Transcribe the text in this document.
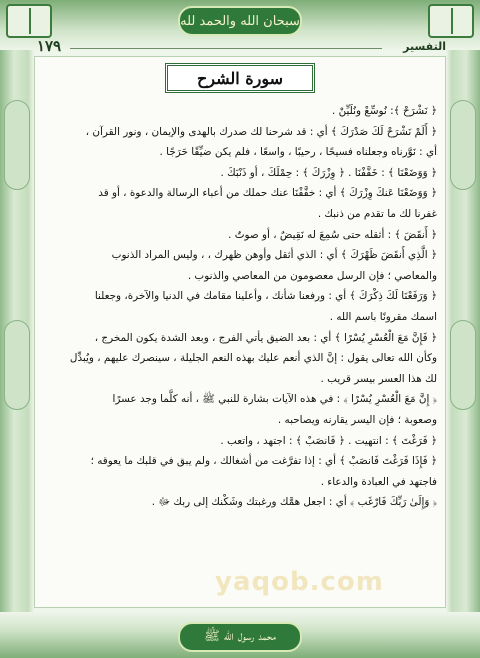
سبحان الله والحمد لله
١٧٩	التفسير
سورة الشرح
﴿ نَشْرَحْ ﴾: نُوسِّعْ ونُلَيِّنْ .
﴿ أَلَمْ نَشْرَحْ لَكَ صَدْرَكَ ﴾ أي : قد شرحنا لك صدرك بالهدى والإيمان ، ونور القرآن ،
أي : نَوَّرناه وجعلناه فسيحًا ، رحيبًا ، واسعًا ، فلم يكن ضيِّقًا حَرَجًا .
﴿ وَوَضَعْنَا ﴾ : خَفَّفْنَا . ﴿ وِزْرَكَ ﴾ : حِمْلَكَ ، أو ذَنْبَكَ .
﴿ وَوَضَعْنَا عَنكَ وِزْرَكَ ﴾ أي : خفَّفْنَا عنك حملك من أعباء الرسالة والدعوة ، أو قد
غفرنا لك ما تقدم من ذنبك .
﴿ أَنقَضَ ﴾ : أثقله حتى سُمِعَ له نَقِيضٌ ، أو صوتٌ .
﴿ الَّذِي أَنقَضَ ظَهْرَكَ ﴾ أي : الذي أثقل وأوهن ظهرك ، ، وليس المراد الذنوب
والمعاصي ؛ فإن الرسل معصومون من المعاصي والذنوب .
﴿ وَرَفَعْنَا لَكَ ذِكْرَكَ ﴾ أي : ورفعنا شأنك ، وأعلينا مقامك في الدنيا والآخرة، وجعلنا
اسمك مقرونًا باسم الله .
﴿ فَإِنَّ مَعَ الْعُسْرِ يُسْرًا ﴾ أي : بعد الضيق يأتي الفرج ، وبعد الشدة يكون المخرج ،
وكأن الله تعالى يقول : إنَّ الذي أنعم عليك بهذه النعم الجليلة ، سينصرك عليهم ، ويُبدِّل
لك هذا العسر بيسر قريب .
﴿ إِنَّ مَعَ الْعُسْرِ يُسْرًا ﴾ : في هذه الآيات بشارة للنبي ﷺ ، أنه كلَّما وجد عسرًا
وصعوبة ؛ فإن اليسر يقارنه ويصاحبه .
﴿ فَرَغْتَ ﴾ : انتهيت . ﴿ فَانصَبْ ﴾ : اجتهد ، واتعب .
﴿ فَإِذَا فَرَغْتَ فَانصَبْ ﴾ أي : إذا تفرَّغت من أشغالك ، ولم يبق في قلبك ما يعوقه ؛
فاجتهد في العبادة والدعاء .
﴿ وَإِلَىٰ رَبِّكَ فَارْغَب ﴾ أي : اجعل همَّك ورغبتك وشَكْنك إلى ربك ﷻ .
yaqob.com
محمد رسول الله ﷺ
